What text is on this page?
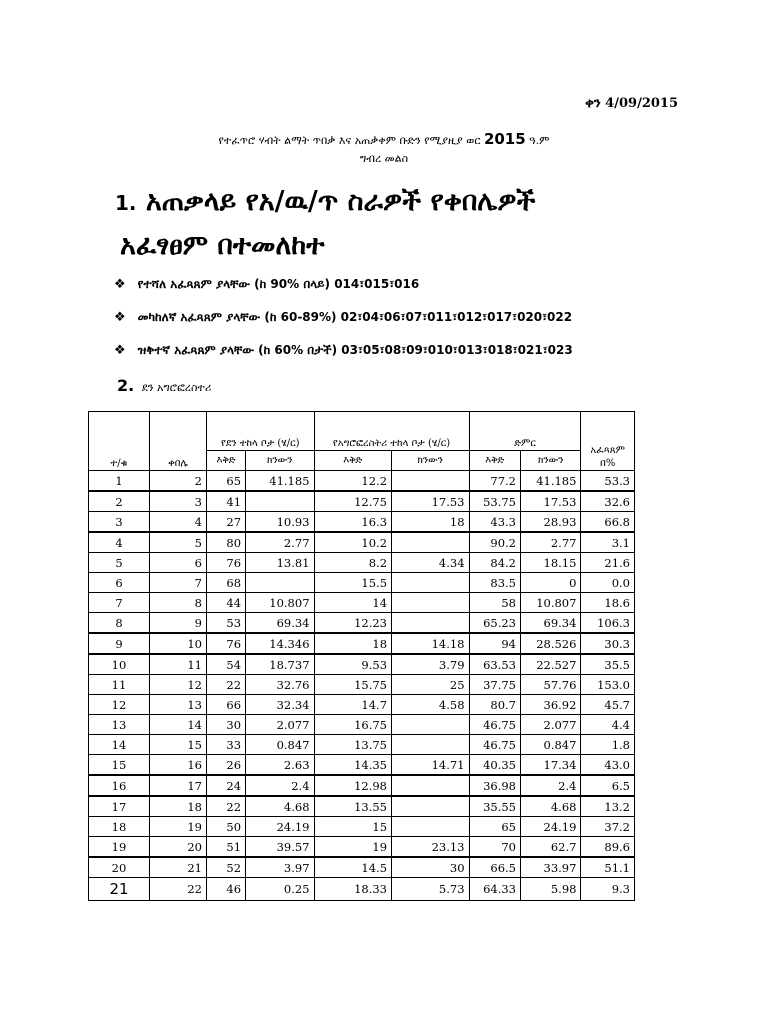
ቀን 4/09/2015
የተፈጥሮ ሃብት ልማት ጥበቃ እና አጠቃቀም ቡድን የሚያዚያ ወር 2015 ዓ.ም
ግብረ መልስ
1. አጠቃላይ የአ/ዉ/ጥ ስራዎች የቀበሌዎች
አፈፃፀም በተመለከተ
❖ የተሻለ አፈጻጸም ያላቸው (ከ 90% በላይ) 014፣015፣016
❖ መካከለኛ አፈጻጸም ያላቸው (ከ 60-89%) 02፣04፣06፣07፣011፣012፣017፣020፣022
❖ ዝቅተኛ አፈጻጸም ያላቸው (ከ 60% በታች) 03፣05፣08፣09፣010፣013፣018፣021፣023
2. ደን አግሮፎረስተሪ
ተ/ቁ	ቀበሌ	የደን ተከላ ቦታ (ሄ/ር)		የአግሮፎረስትሪ ተከላ ቦታ (ሄ/ር)		ድምር		አፈጻጸም
በ%
		እቅድ	ክንውን	እቅድ	ክንውን	እቅድ	ክንውን	
1	2	65	41.185	12.2		77.2	41.185	53.3
2	3	41		12.75	17.53	53.75	17.53	32.6
3	4	27	10.93	16.3	18	43.3	28.93	66.8
4	5	80	2.77	10.2		90.2	2.77	3.1
5	6	76	13.81	8.2	4.34	84.2	18.15	21.6
6	7	68		15.5		83.5	0	0.0
7	8	44	10.807	14		58	10.807	18.6
8	9	53	69.34	12.23		65.23	69.34	106.3
9	10	76	14.346	18	14.18	94	28.526	30.3
10	11	54	18.737	9.53	3.79	63.53	22.527	35.5
11	12	22	32.76	15.75	25	37.75	57.76	153.0
12	13	66	32.34	14.7	4.58	80.7	36.92	45.7
13	14	30	2.077	16.75		46.75	2.077	4.4
14	15	33	0.847	13.75		46.75	0.847	1.8
15	16	26	2.63	14.35	14.71	40.35	17.34	43.0
16	17	24	2.4	12.98		36.98	2.4	6.5
17	18	22	4.68	13.55		35.55	4.68	13.2
18	19	50	24.19	15		65	24.19	37.2
19	20	51	39.57	19	23.13	70	62.7	89.6
20	21	52	3.97	14.5	30	66.5	33.97	51.1
21	22	46	0.25	18.33	5.73	64.33	5.98	9.3
